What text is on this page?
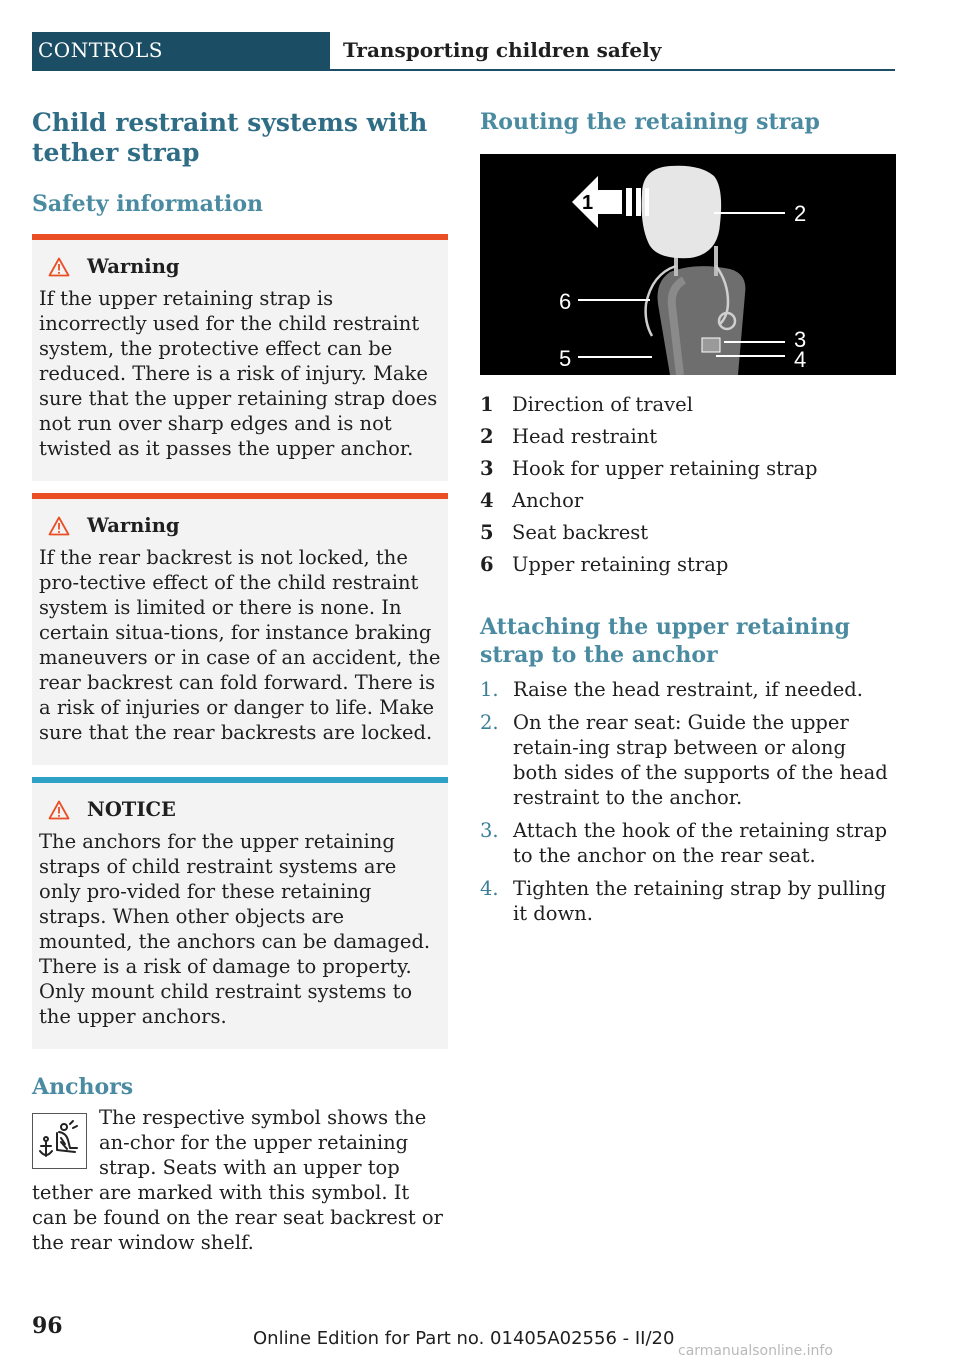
CONTROLS	Transporting children safely
Child restraint systems with tether strap
Safety information
Warning

If the upper retaining strap is incorrectly used for the child restraint system, the protective effect can be reduced. There is a risk of injury. Make sure that the upper retaining strap does not run over sharp edges and is not twisted as it passes the upper anchor.

Warning

If the rear backrest is not locked, the pro-tective effect of the child restraint system is limited or there is none. In certain situa-tions, for instance braking maneuvers or in case of an accident, the rear backrest can fold forward. There is a risk of injuries or danger to life. Make sure that the rear backrests are locked.

NOTICE

The anchors for the upper retaining straps of child restraint systems are only pro-vided for these retaining straps. When other objects are mounted, the anchors can be damaged. There is a risk of damage to property. Only mount child restraint systems to the upper anchors.

Anchors

The respective symbol shows the an-chor for the upper retaining strap. Seats with an upper top tether are marked with this symbol. It can be found on the rear seat backrest or the rear window shelf.

Routing the retaining strap
1	2
3
4
5
6
1 Direction of travel
2 Head restraint
3 Hook for upper retaining strap
4 Anchor
5 Seat backrest
6 Upper retaining strap
Attaching the upper retaining strap to the anchor
1. Raise the head restraint, if needed.
2. On the rear seat: Guide the upper retain-ing strap between or along both sides of the supports of the head restraint to the anchor.
3. Attach the hook of the retaining strap to the anchor on the rear seat.
4. Tighten the retaining strap by pulling it down.
96	Online Edition for Part no. 01405A02556 - II/20
carmanualsonline.info
